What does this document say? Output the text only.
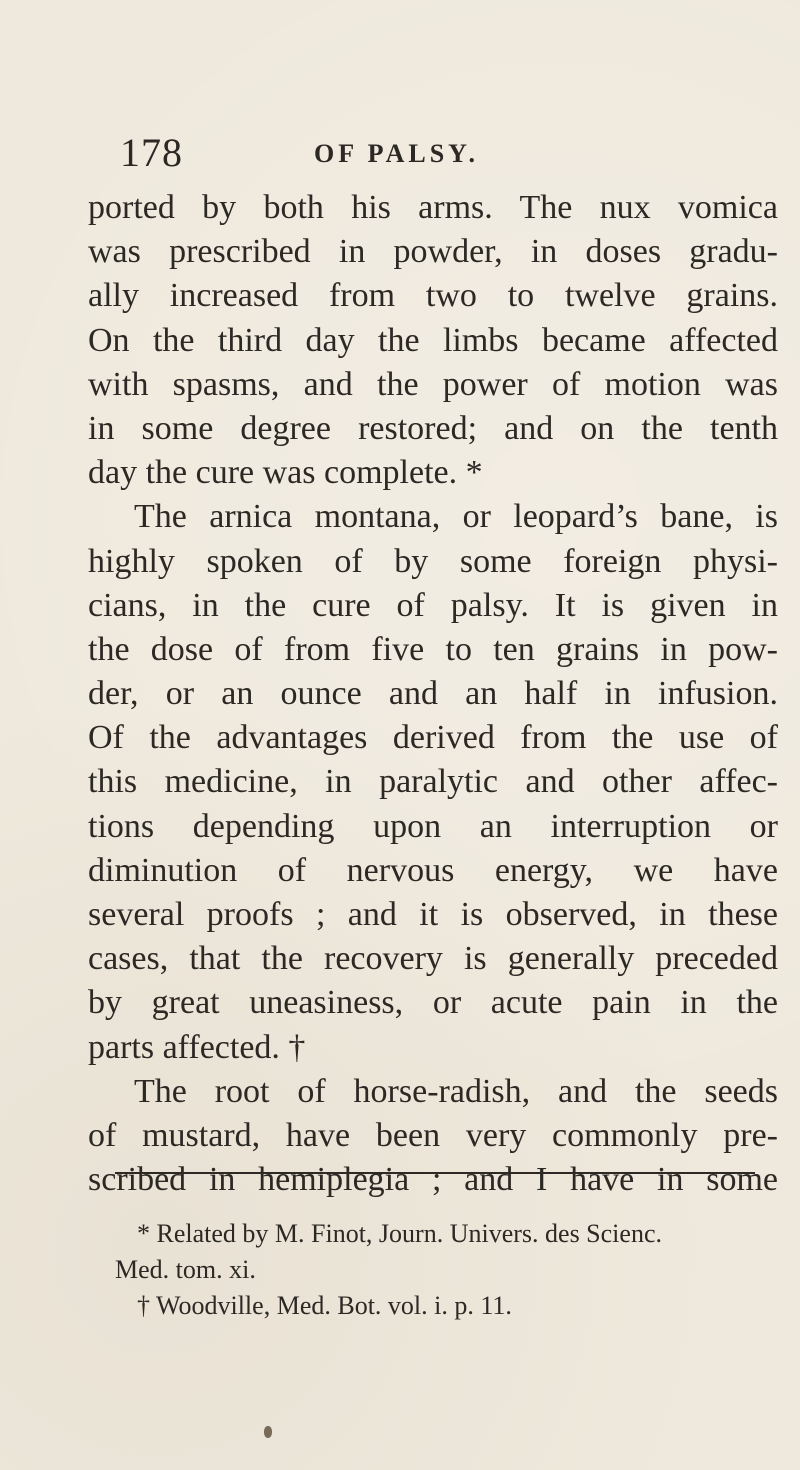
178	OF PALSY.
ported by both his arms. The nux vomica
was prescribed in powder, in doses gradu-
ally increased from two to twelve grains.
On the third day the limbs became affected
with spasms, and the power of motion was
in some degree restored; and on the tenth
day the cure was complete. *
The arnica montana, or leopard’s bane, is
highly spoken of by some foreign physi-
cians, in the cure of palsy. It is given in
the dose of from five to ten grains in pow-
der, or an ounce and an half in infusion.
Of the advantages derived from the use of
this medicine, in paralytic and other affec-
tions depending upon an interruption or
diminution of nervous energy, we have
several proofs ; and it is observed, in these
cases, that the recovery is generally preceded
by great uneasiness, or acute pain in the
parts affected. †
The root of horse-radish, and the seeds
of mustard, have been very commonly pre-
scribed in hemiplegia ; and I have in some
* Related by M. Finot, Journ. Univers. des Scienc.
Med. tom. xi.
† Woodville, Med. Bot. vol. i. p. 11.
